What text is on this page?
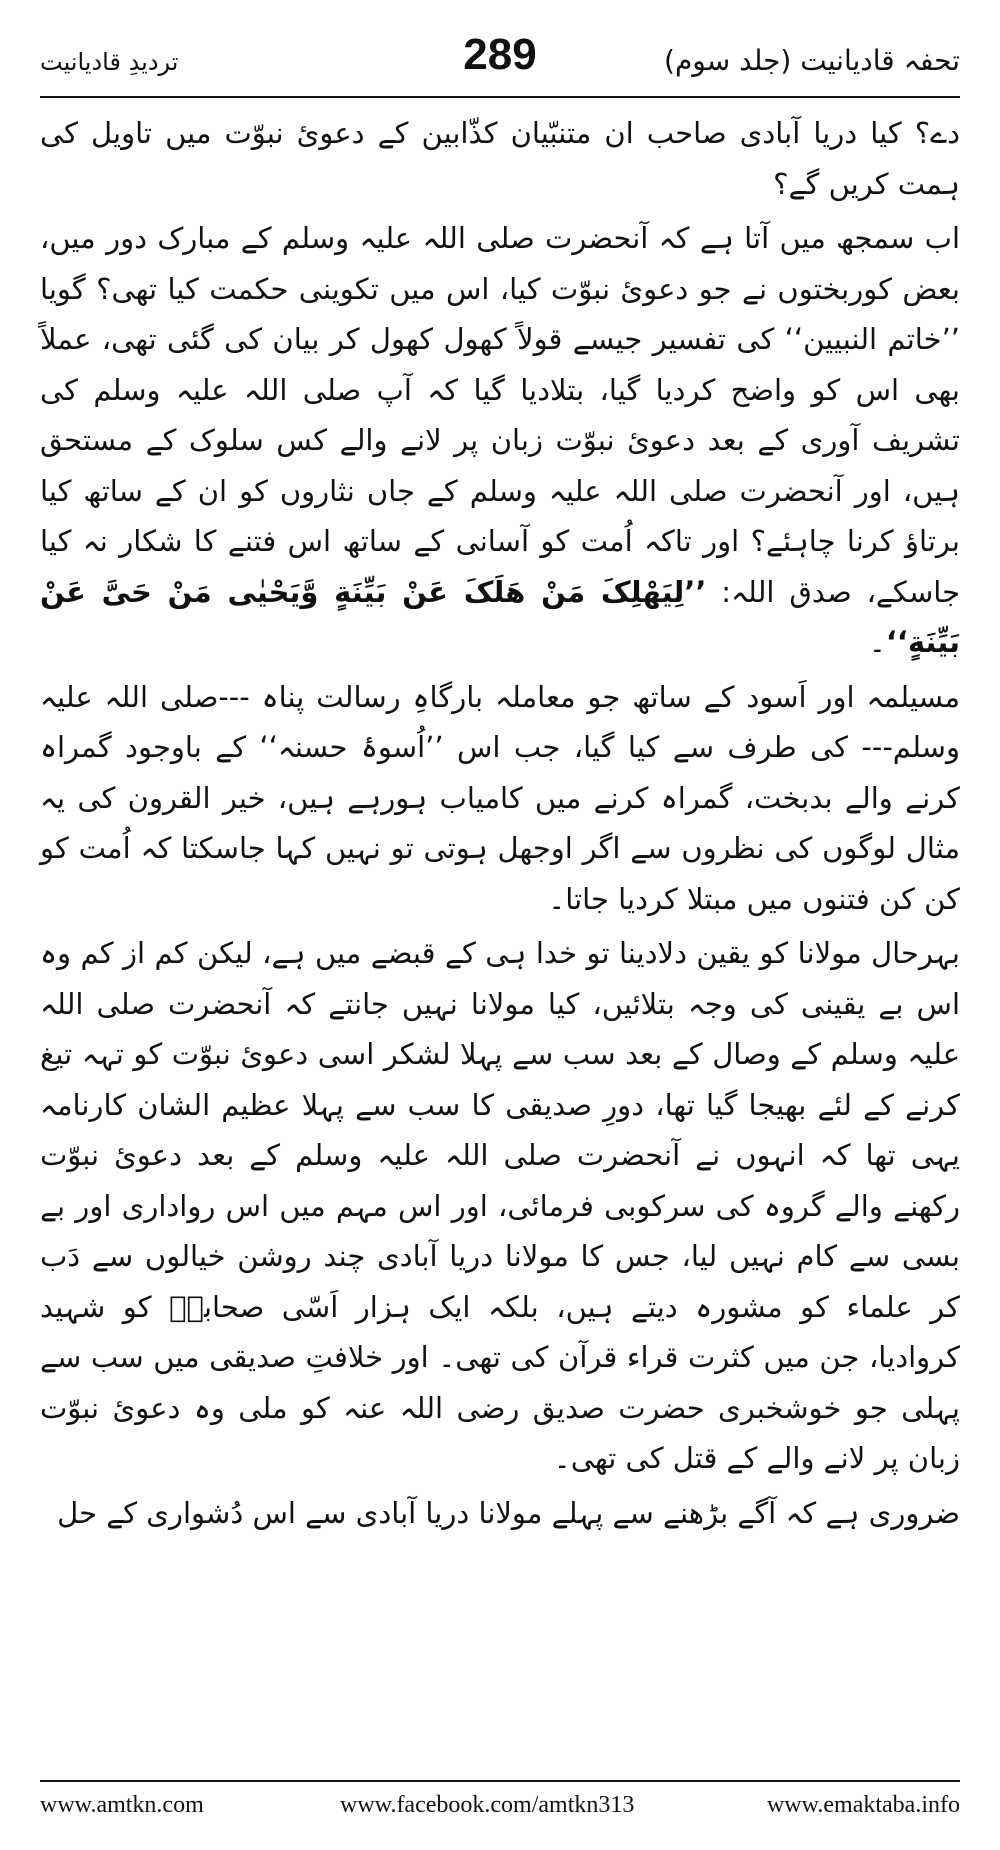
تردیدِ قادیانیت	289	تحفہ قادیانیت (جلد سوم)

دے؟ کیا دریا آبادی صاحب ان متنبّیان کذّابین کے دعویٔ نبوّت میں تاویل کی ہمت کریں گے؟

اب سمجھ میں آتا ہے کہ آنحضرت صلی اللہ علیہ وسلم کے مبارک دور میں، بعض کوربختوں نے جو دعویٔ نبوّت کیا، اس میں تکوینی حکمت کیا تھی؟ گویا ’’خاتم النبیین‘‘ کی تفسیر جیسے قولاً کھول کھول کر بیان کی گئی تھی، عملاً بھی اس کو واضح کردیا گیا، بتلادیا گیا کہ آپ صلی اللہ علیہ وسلم کی تشریف آوری کے بعد دعویٔ نبوّت زبان پر لانے والے کس سلوک کے مستحق ہیں، اور آنحضرت صلی اللہ علیہ وسلم کے جاں نثاروں کو ان کے ساتھ کیا برتاؤ کرنا چاہئے؟ اور تاکہ اُمت کو آسانی کے ساتھ اس فتنے کا شکار نہ کیا جاسکے، صدق اللہ: ’’لِیَھْلِکَ مَنْ ھَلَکَ عَنْ بَیِّنَةٍ وَّیَحْیٰی مَنْ حَیَّ عَنْ بَیِّنَةٍ‘‘۔

مسیلمہ اور اَسود کے ساتھ جو معاملہ بارگاہِ رسالت پناہ ---صلی اللہ علیہ وسلم--- کی طرف سے کیا گیا، جب اس ’’اُسوۂ حسنہ‘‘ کے باوجود گمراہ کرنے والے بدبخت، گمراہ کرنے میں کامیاب ہورہے ہیں، خیر القرون کی یہ مثال لوگوں کی نظروں سے اگر اوجھل ہوتی تو نہیں کہا جاسکتا کہ اُمت کو کن کن فتنوں میں مبتلا کردیا جاتا۔

بہرحال مولانا کو یقین دلادینا تو خدا ہی کے قبضے میں ہے، لیکن کم از کم وہ اس بے یقینی کی وجہ بتلائیں، کیا مولانا نہیں جانتے کہ آنحضرت صلی اللہ علیہ وسلم کے وصال کے بعد سب سے پہلا لشکر اسی دعویٔ نبوّت کو تہہ تیغ کرنے کے لئے بھیجا گیا تھا، دورِ صدیقی کا سب سے پہلا عظیم الشان کارنامہ یہی تھا کہ انہوں نے آنحضرت صلی اللہ علیہ وسلم کے بعد دعویٔ نبوّت رکھنے والے گروہ کی سرکوبی فرمائی، اور اس مہم میں اس رواداری اور بے بسی سے کام نہیں لیا، جس کا مولانا دریا آبادی چند روشن خیالوں سے دَب کر علماء کو مشورہ دیتے ہیں، بلکہ ایک ہزار اَسّی صحابہؓ کو شہید کروادیا، جن میں کثرت قراء قرآن کی تھی۔ اور خلافتِ صدیقی میں سب سے پہلی جو خوشخبری حضرت صدیق رضی اللہ عنہ کو ملی وہ دعویٔ نبوّت زبان پر لانے والے کے قتل کی تھی۔

ضروری ہے کہ آگے بڑھنے سے پہلے مولانا دریا آبادی سے اس دُشواری کے حل

www.amtkn.com	www.facebook.com/amtkn313	www.emaktaba.info
